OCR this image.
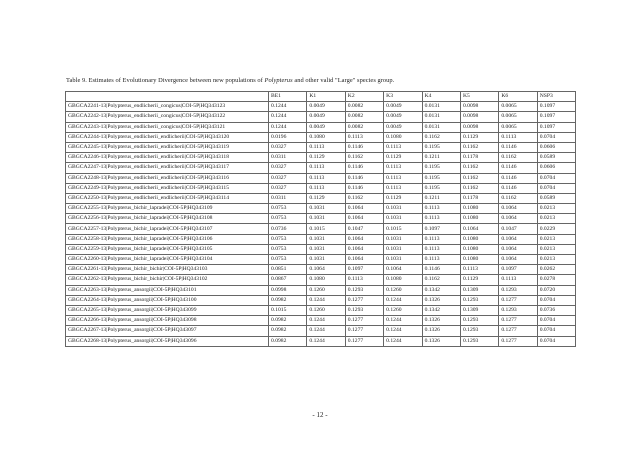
Table 9. Estimates of Evolutionary Divergence between new populations of Polypterus and other valid "Large" species group.
	BE1	K1	K2	K3	K4	K5	K6	NSP3
GBGCA2241-13|Polypterus_endlicherii_congicus|COI-5P|HQ343123	0.1244	0.0049	0.0082	0.0049	0.0131	0.0098	0.0065	0.1097
GBGCA2242-13|Polypterus_endlicherii_congicus|COI-5P|HQ343122	0.1244	0.0049	0.0082	0.0049	0.0131	0.0098	0.0065	0.1097
GBGCA2243-13|Polypterus_endlicherii_congicus|COI-5P|HQ343121	0.1244	0.0049	0.0082	0.0049	0.0131	0.0098	0.0065	0.1097
GBGCA2244-13|Polypterus_endlicherii_endlicherii|COI-5P|HQ343120	0.0196	0.1080	0.1113	0.1080	0.1162	0.1129	0.1113	0.0704
GBGCA2245-13|Polypterus_endlicherii_endlicherii|COI-5P|HQ343119	0.0327	0.1113	0.1146	0.1113	0.1195	0.1162	0.1146	0.0606
GBGCA2246-13|Polypterus_endlicherii_endlicherii|COI-5P|HQ343118	0.0311	0.1129	0.1162	0.1129	0.1211	0.1178	0.1162	0.0589
GBGCA2247-13|Polypterus_endlicherii_endlicherii|COI-5P|HQ343117	0.0327	0.1113	0.1146	0.1113	0.1195	0.1162	0.1146	0.0606
GBGCA2248-13|Polypterus_endlicherii_endlicherii|COI-5P|HQ343116	0.0327	0.1113	0.1146	0.1113	0.1195	0.1162	0.1146	0.0704
GBGCA2249-13|Polypterus_endlicherii_endlicherii|COI-5P|HQ343115	0.0327	0.1113	0.1146	0.1113	0.1195	0.1162	0.1146	0.0704
GBGCA2250-13|Polypterus_endlicherii_endlicherii|COI-5P|HQ343114	0.0311	0.1129	0.1162	0.1129	0.1211	0.1178	0.1162	0.0589
GBGCA2255-13|Polypterus_bichir_lapradei|COI-5P|HQ343109	0.0753	0.1031	0.1064	0.1031	0.1113	0.1080	0.1064	0.0213
GBGCA2256-13|Polypterus_bichir_lapradei|COI-5P|HQ343108	0.0753	0.1031	0.1064	0.1031	0.1113	0.1080	0.1064	0.0213
GBGCA2257-13|Polypterus_bichir_lapradei|COI-5P|HQ343107	0.0736	0.1015	0.1047	0.1015	0.1097	0.1064	0.1047	0.0229
GBGCA2258-13|Polypterus_bichir_lapradei|COI-5P|HQ343106	0.0753	0.1031	0.1064	0.1031	0.1113	0.1080	0.1064	0.0213
GBGCA2259-13|Polypterus_bichir_lapradei|COI-5P|HQ343105	0.0753	0.1031	0.1064	0.1031	0.1113	0.1080	0.1064	0.0213
GBGCA2260-13|Polypterus_bichir_lapradei|COI-5P|HQ343104	0.0753	0.1031	0.1064	0.1031	0.1113	0.1080	0.1064	0.0213
GBGCA2261-13|Polypterus_bichir_bichir|COI-5P|HQ343103	0.0851	0.1064	0.1097	0.1064	0.1146	0.1113	0.1097	0.0262
GBGCA2262-13|Polypterus_bichir_bichir|COI-5P|HQ343102	0.0867	0.1080	0.1113	0.1080	0.1162	0.1129	0.1113	0.0278
GBGCA2263-13|Polypterus_ansorgii|COI-5P|HQ343101	0.0998	0.1260	0.1293	0.1260	0.1342	0.1309	0.1293	0.0720
GBGCA2264-13|Polypterus_ansorgii|COI-5P|HQ343100	0.0982	0.1244	0.1277	0.1244	0.1326	0.1293	0.1277	0.0704
GBGCA2265-13|Polypterus_ansorgii|COI-5P|HQ343099	0.1015	0.1260	0.1293	0.1260	0.1342	0.1309	0.1293	0.0736
GBGCA2266-13|Polypterus_ansorgii|COI-5P|HQ343098	0.0982	0.1244	0.1277	0.1244	0.1326	0.1293	0.1277	0.0704
GBGCA2267-13|Polypterus_ansorgii|COI-5P|HQ343097	0.0982	0.1244	0.1277	0.1244	0.1326	0.1293	0.1277	0.0704
GBGCA2268-13|Polypterus_ansorgii|COI-5P|HQ343096	0.0982	0.1244	0.1277	0.1244	0.1326	0.1293	0.1277	0.0704
- 12 -
